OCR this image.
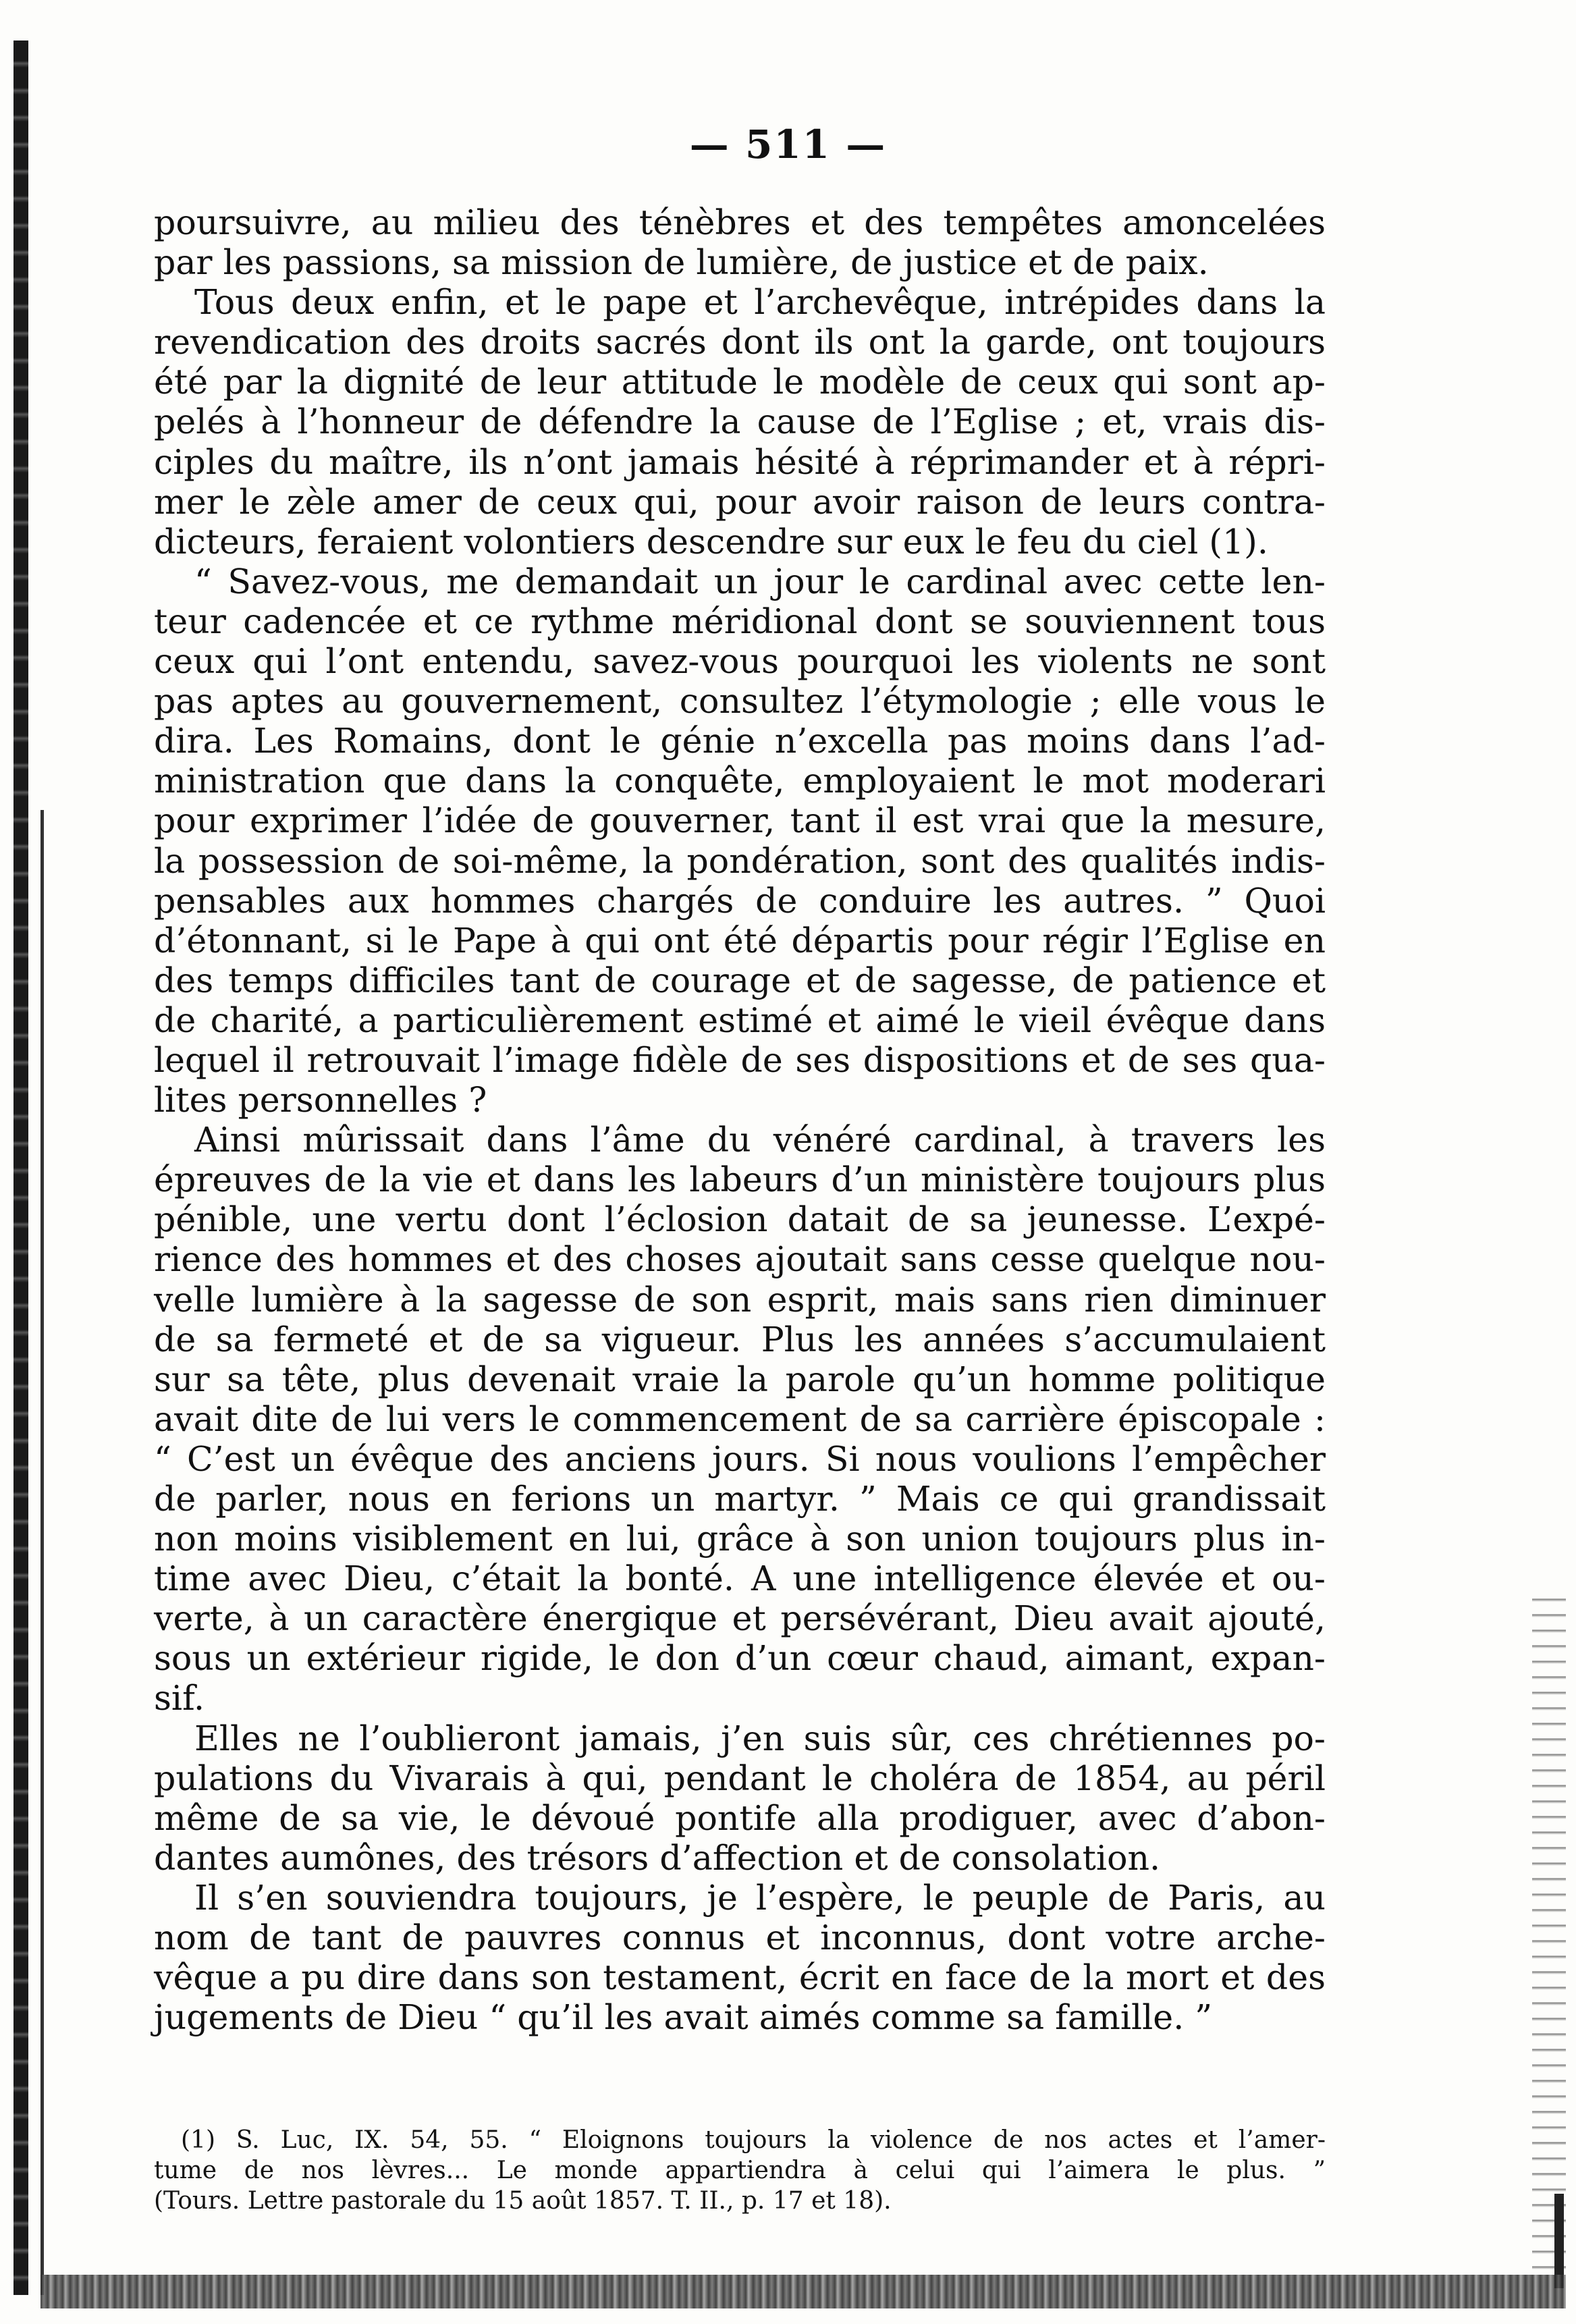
— 511 —
poursuivre, au milieu des ténèbres et des tempêtes amoncelées
par les passions, sa mission de lumière, de justice et de paix.
Tous deux enfin, et le pape et l’archevêque, intrépides dans la
revendication des droits sacrés dont ils ont la garde, ont toujours
été par la dignité de leur attitude le modèle de ceux qui sont ap-
pelés à l’honneur de défendre la cause de l’Eglise ; et, vrais dis-
ciples du maître, ils n’ont jamais hésité à réprimander et à répri-
mer le zèle amer de ceux qui, pour avoir raison de leurs contra-
dicteurs, feraient volontiers descendre sur eux le feu du ciel (1).
“ Savez-vous, me demandait un jour le cardinal avec cette len-
teur cadencée et ce rythme méridional dont se souviennent tous
ceux qui l’ont entendu, savez-vous pourquoi les violents ne sont
pas aptes au gouvernement, consultez l’étymologie ; elle vous le
dira. Les Romains, dont le génie n’excella pas moins dans l’ad-
ministration que dans la conquête, employaient le mot moderari
pour exprimer l’idée de gouverner, tant il est vrai que la mesure,
la possession de soi-même, la pondération, sont des qualités indis-
pensables aux hommes chargés de conduire les autres. ” Quoi
d’étonnant, si le Pape à qui ont été départis pour régir l’Eglise en
des temps difficiles tant de courage et de sagesse, de patience et
de charité, a particulièrement estimé et aimé le vieil évêque dans
lequel il retrouvait l’image fidèle de ses dispositions et de ses qua-
lites personnelles ?
Ainsi mûrissait dans l’âme du vénéré cardinal, à travers les
épreuves de la vie et dans les labeurs d’un ministère toujours plus
pénible, une vertu dont l’éclosion datait de sa jeunesse. L’expé-
rience des hommes et des choses ajoutait sans cesse quelque nou-
velle lumière à la sagesse de son esprit, mais sans rien diminuer
de sa fermeté et de sa vigueur. Plus les années s’accumulaient
sur sa tête, plus devenait vraie la parole qu’un homme politique
avait dite de lui vers le commencement de sa carrière épiscopale :
“ C’est un évêque des anciens jours. Si nous voulions l’empêcher
de parler, nous en ferions un martyr. ” Mais ce qui grandissait
non moins visiblement en lui, grâce à son union toujours plus in-
time avec Dieu, c’était la bonté. A une intelligence élevée et ou-
verte, à un caractère énergique et persévérant, Dieu avait ajouté,
sous un extérieur rigide, le don d’un cœur chaud, aimant, expan-
sif.
Elles ne l’oublieront jamais, j’en suis sûr, ces chrétiennes po-
pulations du Vivarais à qui, pendant le choléra de 1854, au péril
même de sa vie, le dévoué pontife alla prodiguer, avec d’abon-
dantes aumônes, des trésors d’affection et de consolation.
Il s’en souviendra toujours, je l’espère, le peuple de Paris, au
nom de tant de pauvres connus et inconnus, dont votre arche-
vêque a pu dire dans son testament, écrit en face de la mort et des
jugements de Dieu “ qu’il les avait aimés comme sa famille. ”
(1) S. Luc, IX. 54, 55. “ Eloignons toujours la violence de nos actes et l’amer-
tume de nos lèvres... Le monde appartiendra à celui qui l’aimera le plus. ”
(Tours. Lettre pastorale du 15 août 1857. T. II., p. 17 et 18).
